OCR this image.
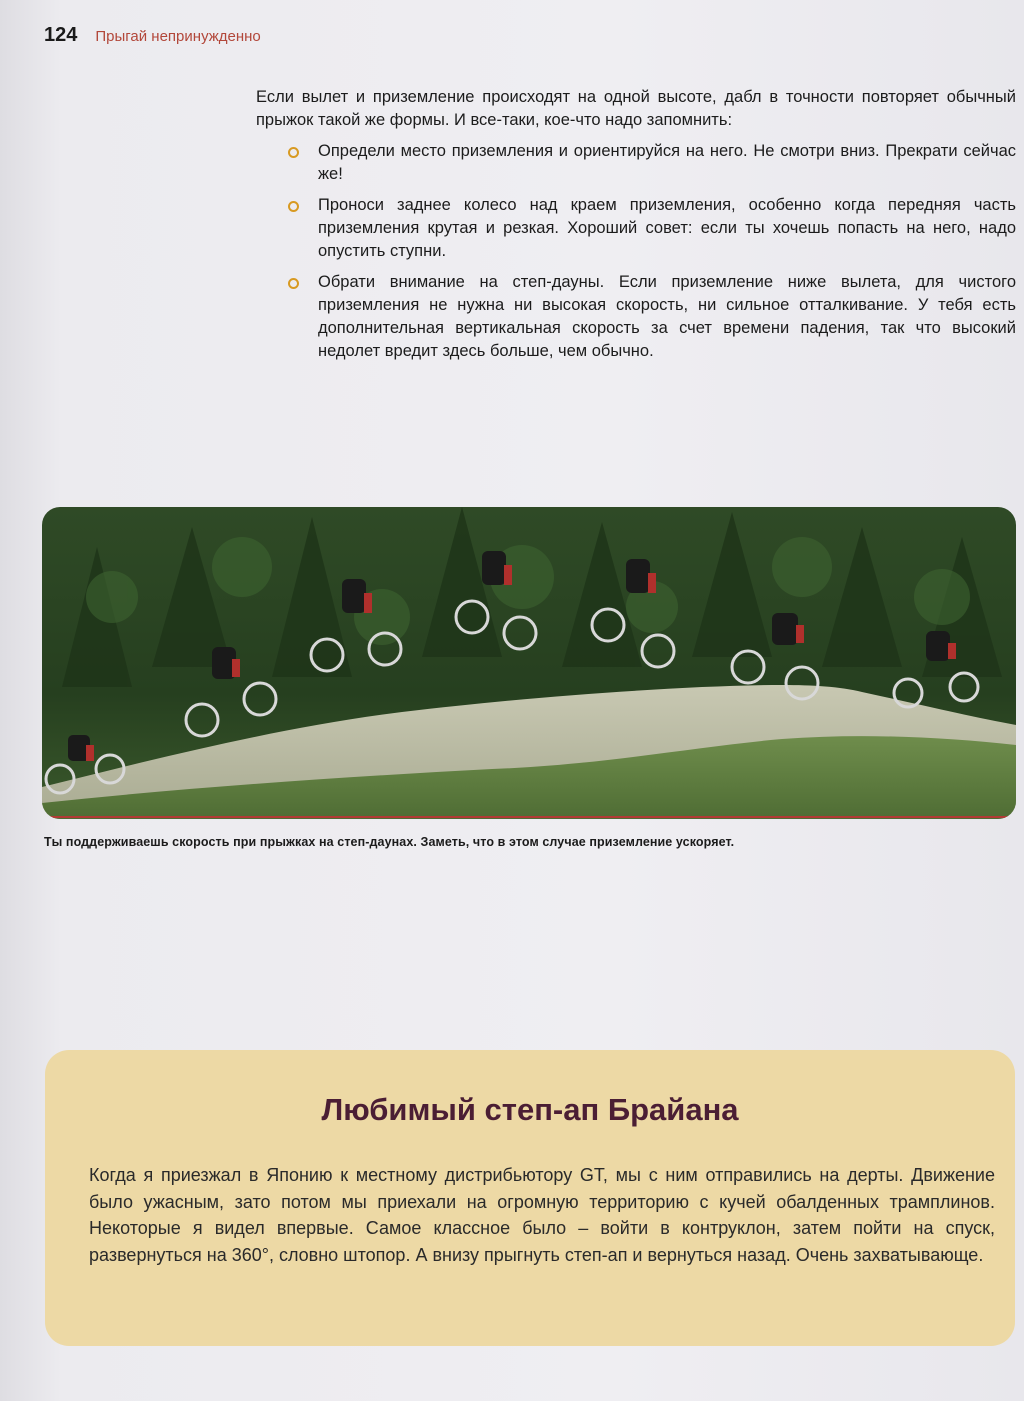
124 Прыгай непринужденно

Если вылет и приземление происходят на одной высоте, дабл в точности повторяет обычный прыжок такой же формы. И все-таки, кое-что надо запомнить:

Определи место приземления и ориентируйся на него. Не смотри вниз. Прекрати сейчас же!
Проноси заднее колесо над краем приземления, особенно когда передняя часть приземления крутая и резкая. Хороший совет: если ты хочешь попасть на него, надо опустить ступни.
Обрати внимание на степ-дауны. Если приземление ниже вылета, для чистого приземления не нужна ни высокая скорость, ни сильное отталкивание. У тебя есть дополнительная вертикальная скорость за счет времени падения, так что высокий недолет вредит здесь больше, чем обычно.
Ты поддерживаешь скорость при прыжках на степ-даунах. Заметь, что в этом случае приземление ускоряет.
Любимый степ-ап Брайана
Когда я приезжал в Японию к местному дистрибьютору GT, мы с ним отправились на дерты. Движение было ужасным, зато потом мы приехали на огромную территорию с кучей обалденных трамплинов. Некоторые я видел впервые. Самое классное было – войти в контруклон, затем пойти на спуск, развернуться на 360°, словно штопор. А внизу прыгнуть степ-ап и вернуться назад. Очень захватывающе.
